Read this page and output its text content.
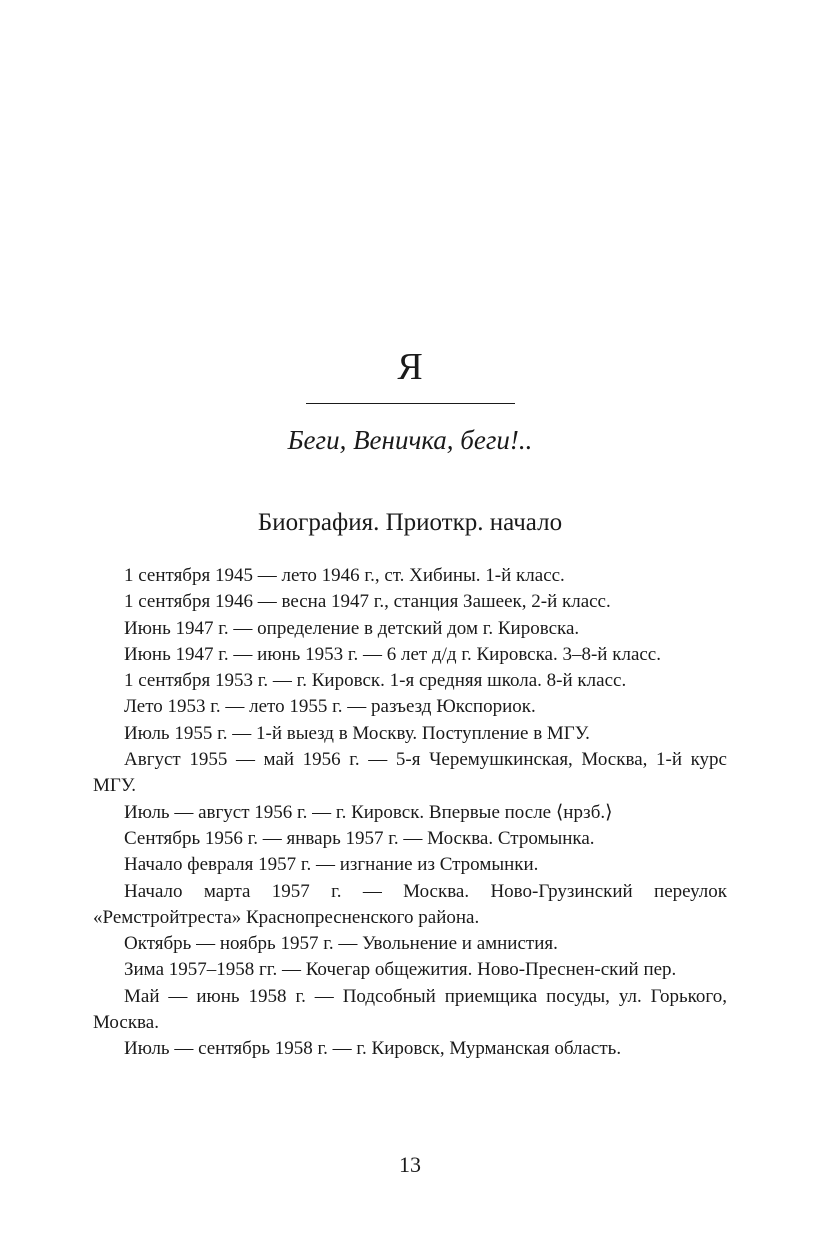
Я
Беги, Веничка, беги!..
Биография. Приоткр. начало

1 сентября 1945 — лето 1946 г., ст. Хибины. 1-й класс.

1 сентября 1946 — весна 1947 г., станция Зашеек, 2-й класс.

Июнь 1947 г. — определение в детский дом г. Кировска.

Июнь 1947 г. — июнь 1953 г. — 6 лет д/д г. Кировска. 3–8-й класс.

1 сентября 1953 г. — г. Кировск. 1-я средняя школа. 8-й класс.

Лето 1953 г. — лето 1955 г. — разъезд Юкспориок.

Июль 1955 г. — 1-й выезд в Москву. Поступление в МГУ.

Август 1955 — май 1956 г. — 5-я Черемушкинская, Москва, 1-й курс МГУ.

Июль — август 1956 г. — г. Кировск. Впервые после ⟨нрзб.⟩

Сентябрь 1956 г. — январь 1957 г. — Москва. Стромынка.

Начало февраля 1957 г. — изгнание из Стромынки.

Начало марта 1957 г. — Москва. Ново-Грузинский переулок «Ремстройтреста» Краснопресненского района.

Октябрь — ноябрь 1957 г. — Увольнение и амнистия.

Зима 1957–1958 гг. — Кочегар общежития. Ново-Преснен-ский пер.

Май — июнь 1958 г. — Подсобный приемщика посуды, ул. Горького, Москва.

Июль — сентябрь 1958 г. — г. Кировск, Мурманская область.

13
